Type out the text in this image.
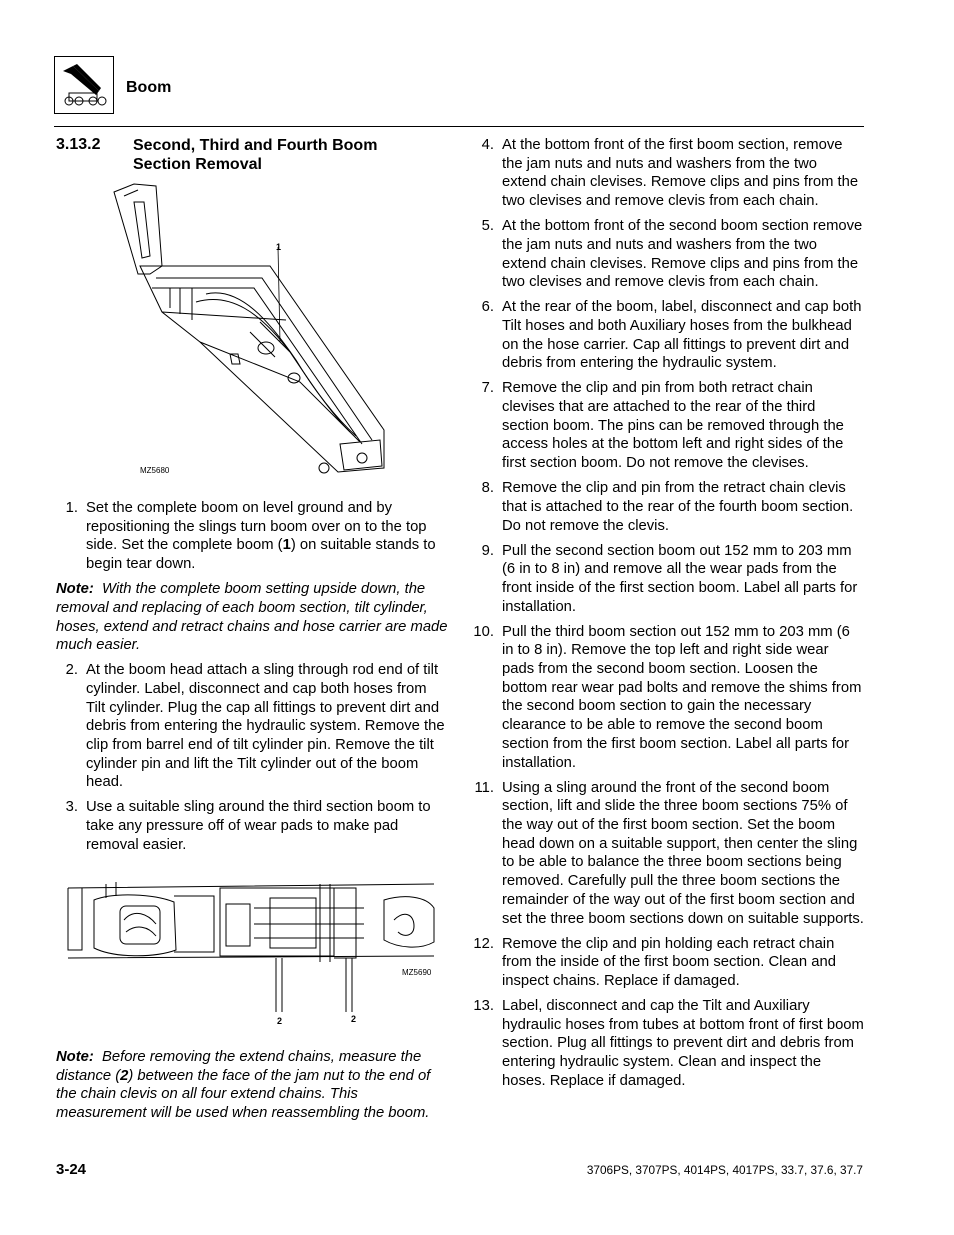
Boom
3.13.2 Second, Third and Fourth Boom Section Removal
1
MZ5680
1. Set the complete boom on level ground and by repositioning the slings turn boom over on to the top side. Set the complete boom (1) on suitable stands to begin tear down.

Note: With the complete boom setting upside down, the removal and replacing of each boom section, tilt cylinder, hoses, extend and retract chains and hose carrier are made much easier.

2. At the boom head attach a sling through rod end of tilt cylinder. Label, disconnect and cap both hoses from Tilt cylinder. Plug the cap all fittings to prevent dirt and debris from entering the hydraulic system. Remove the clip from barrel end of tilt cylinder pin. Remove the tilt cylinder pin and lift the Tilt cylinder out of the boom head.
3. Use a suitable sling around the third section boom to take any pressure off of wear pads to make pad removal easier.
MZ5690
2	2

Note: Before removing the extend chains, measure the distance (2) between the face of the jam nut to the end of the chain clevis on all four extend chains. This measurement will be used when reassembling the boom.

4. At the bottom front of the first boom section, remove the jam nuts and nuts and washers from the two extend chain clevises. Remove clips and pins from the two clevises and remove clevis from each chain.
5. At the bottom front of the second boom section remove the jam nuts and nuts and washers from the two extend chain clevises. Remove clips and pins from the two clevises and remove clevis from each chain.
6. At the rear of the boom, label, disconnect and cap both Tilt hoses and both Auxiliary hoses from the bulkhead on the hose carrier. Cap all fittings to prevent dirt and debris from entering the hydraulic system.
7. Remove the clip and pin from both retract chain clevises that are attached to the rear of the third section boom. The pins can be removed through the access holes at the bottom left and right sides of the first section boom. Do not remove the clevises.
8. Remove the clip and pin from the retract chain clevis that is attached to the rear of the fourth boom section. Do not remove the clevis.
9. Pull the second section boom out 152 mm to 203 mm (6 in to 8 in) and remove all the wear pads from the front inside of the first section boom. Label all parts for installation.
10. Pull the third boom section out 152 mm to 203 mm (6 in to 8 in). Remove the top left and right side wear pads from the second boom section. Loosen the bottom rear wear pad bolts and remove the shims from the second boom section to gain the necessary clearance to be able to remove the second boom section from the first boom section. Label all parts for installation.
11. Using a sling around the front of the second boom section, lift and slide the three boom sections 75% of the way out of the first boom section. Set the boom head down on a suitable support, then center the sling to be able to balance the three boom sections being removed. Carefully pull the three boom sections the remainder of the way out of the first boom section and set the three boom sections down on suitable supports.
12. Remove the clip and pin holding each retract chain from the inside of the first boom section. Clean and inspect chains. Replace if damaged.
13. Label, disconnect and cap the Tilt and Auxiliary hydraulic hoses from tubes at bottom front of first boom section. Plug all fittings to prevent dirt and debris from entering hydraulic system. Clean and inspect the hoses. Replace if damaged.
3-24	3706PS, 3707PS, 4014PS, 4017PS, 33.7, 37.6, 37.7
